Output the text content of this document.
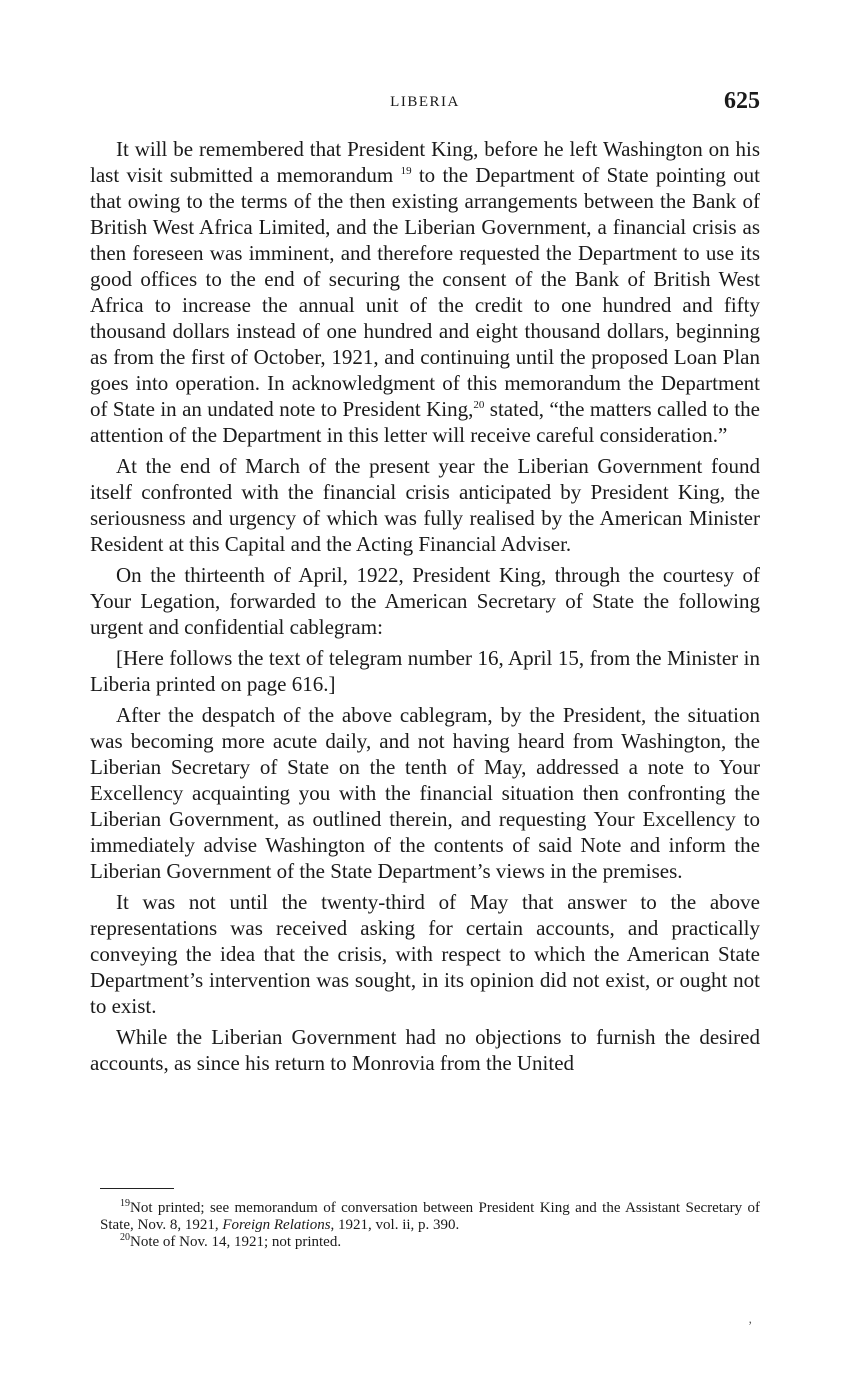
LIBERIA	625

It will be remembered that President King, before he left Washington on his last visit submitted a memorandum $^{19}$ to the Department of State pointing out that owing to the terms of the then existing arrangements between the Bank of British West Africa Limited, and the Liberian Government, a financial crisis as then foreseen was imminent, and therefore requested the Department to use its good offices to the end of securing the consent of the Bank of British West Africa to increase the annual unit of the credit to one hundred and fifty thousand dollars instead of one hundred and eight thousand dollars, beginning as from the first of October, 1921, and continuing until the proposed Loan Plan goes into operation. In acknowledgment of this memorandum the Department of State in an undated note to President King,$^{20}$ stated, “the matters called to the attention of the Department in this letter will receive careful consideration.”

At the end of March of the present year the Liberian Government found itself confronted with the financial crisis anticipated by President King, the seriousness and urgency of which was fully realised by the American Minister Resident at this Capital and the Acting Financial Adviser.

On the thirteenth of April, 1922, President King, through the courtesy of Your Legation, forwarded to the American Secretary of State the following urgent and confidential cablegram:

[Here follows the text of telegram number 16, April 15, from the Minister in Liberia printed on page 616.]

After the despatch of the above cablegram, by the President, the situation was becoming more acute daily, and not having heard from Washington, the Liberian Secretary of State on the tenth of May, addressed a note to Your Excellency acquainting you with the financial situation then confronting the Liberian Government, as outlined therein, and requesting Your Excellency to immediately advise Washington of the contents of said Note and inform the Liberian Government of the State Department’s views in the premises.

It was not until the twenty-third of May that answer to the above representations was received asking for certain accounts, and practically conveying the idea that the crisis, with respect to which the American State Department’s intervention was sought, in its opinion did not exist, or ought not to exist.

While the Liberian Government had no objections to furnish the desired accounts, as since his return to Monrovia from the United

$^{19}$Not printed; see memorandum of conversation between President King and the Assistant Secretary of State, Nov. 8, 1921, Foreign Relations, 1921, vol. ii, p. 390.

$^{20}$Note of Nov. 14, 1921; not printed.

’
